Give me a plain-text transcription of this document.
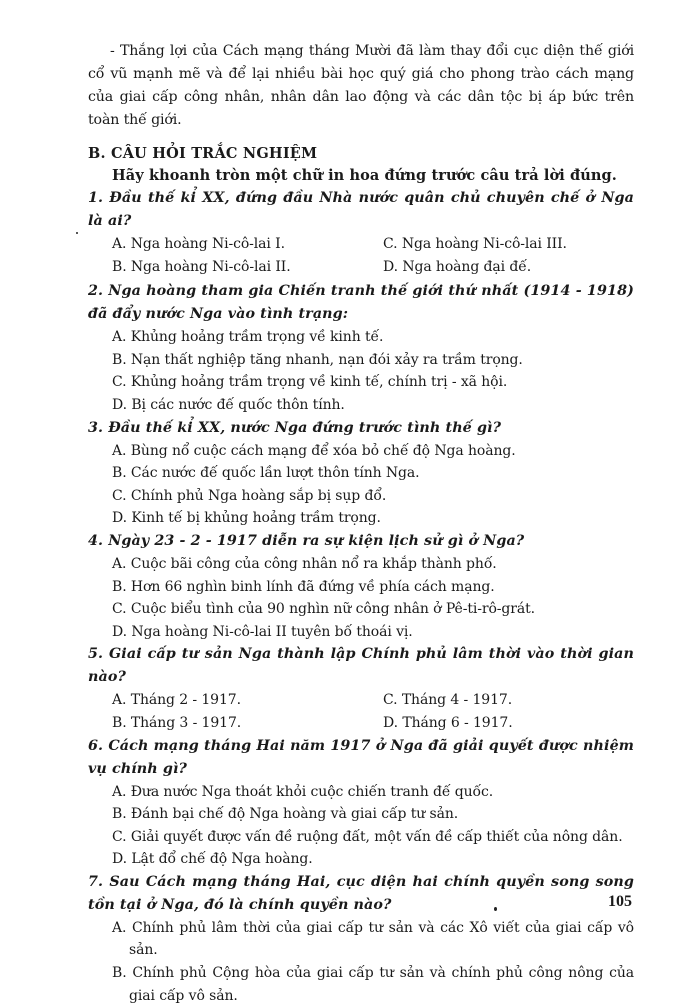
- Thắng lợi của Cách mạng tháng Mười đã làm thay đổi cục diện thế giới cổ vũ mạnh mẽ và để lại nhiều bài học quý giá cho phong trào cách mạng của giai cấp công nhân, nhân dân lao động và các dân tộc bị áp bức trên toàn thế giới.

B. CÂU HỎI TRẮC NGHIỆM
Hãy khoanh tròn một chữ in hoa đứng trước câu trả lời đúng.
1. Đầu thế kỉ XX, đứng đầu Nhà nước quân chủ chuyên chế ở Nga là ai?
A. Nga hoàng Ni-cô-lai I.	C. Nga hoàng Ni-cô-lai III.
B. Nga hoàng Ni-cô-lai II.	D. Nga hoàng đại đế.
2. Nga hoàng tham gia Chiến tranh thế giới thứ nhất (1914 - 1918) đã đẩy nước Nga vào tình trạng:
A. Khủng hoảng trầm trọng về kinh tế.
B. Nạn thất nghiệp tăng nhanh, nạn đói xảy ra trầm trọng.
C. Khủng hoảng trầm trọng về kinh tế, chính trị - xã hội.
D. Bị các nước đế quốc thôn tính.
3. Đầu thế kỉ XX, nước Nga đứng trước tình thế gì?
A. Bùng nổ cuộc cách mạng để xóa bỏ chế độ Nga hoàng.
B. Các nước đế quốc lần lượt thôn tính Nga.
C. Chính phủ Nga hoàng sắp bị sụp đổ.
D. Kinh tế bị khủng hoảng trầm trọng.
4. Ngày 23 - 2 - 1917 diễn ra sự kiện lịch sử gì ở Nga?
A. Cuộc bãi công của công nhân nổ ra khắp thành phố.
B. Hơn 66 nghìn binh lính đã đứng về phía cách mạng.
C. Cuộc biểu tình của 90 nghìn nữ công nhân ở Pê-ti-rô-grát.
D. Nga hoàng Ni-cô-lai II tuyên bố thoái vị.
5. Giai cấp tư sản Nga thành lập Chính phủ lâm thời vào thời gian nào?
A. Tháng 2 - 1917.	C. Tháng 4 - 1917.
B. Tháng 3 - 1917.	D. Tháng 6 - 1917.
6. Cách mạng tháng Hai năm 1917 ở Nga đã giải quyết được nhiệm vụ chính gì?
A. Đưa nước Nga thoát khỏi cuộc chiến tranh đế quốc.
B. Đánh bại chế độ Nga hoàng và giai cấp tư sản.
C. Giải quyết được vấn đề ruộng đất, một vấn đề cấp thiết của nông dân.
D. Lật đổ chế độ Nga hoàng.
7. Sau Cách mạng tháng Hai, cục diện hai chính quyền song song tồn tại ở Nga, đó là chính quyền nào?
A. Chính phủ lâm thời của giai cấp tư sản và các Xô viết của giai cấp vô sản.
B. Chính phủ Cộng hòa của giai cấp tư sản và chính phủ công nông của giai cấp vô sản.
105
